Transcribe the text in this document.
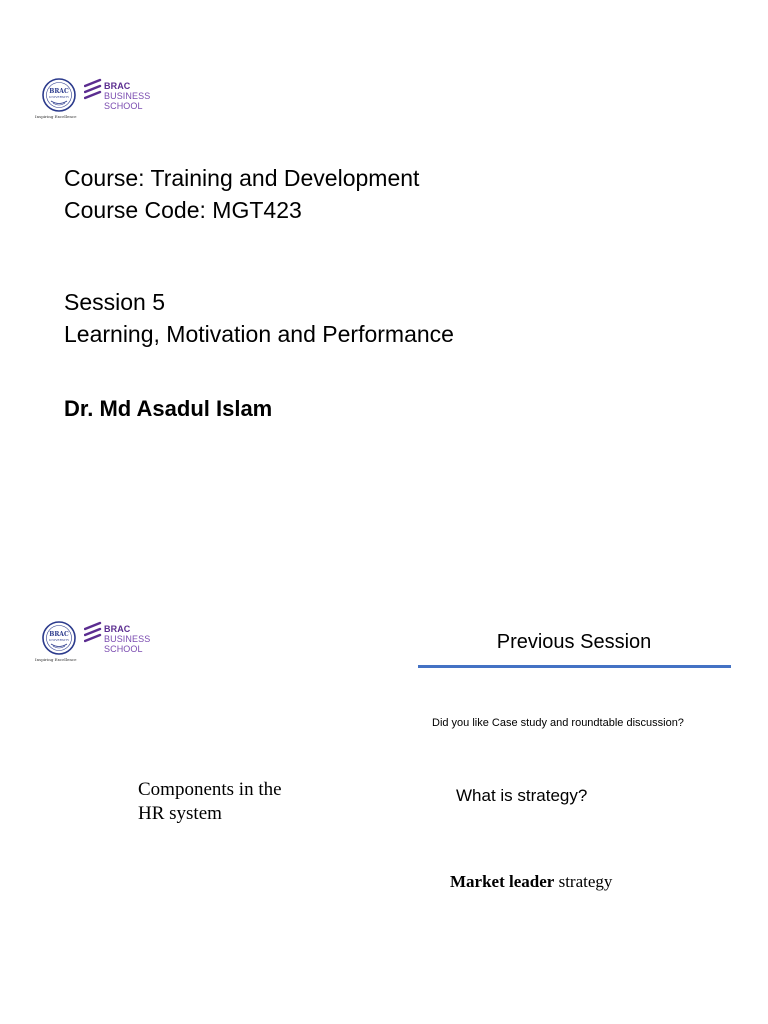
BRAC
UNIVERSITY
Inspiring Excellence
BRAC
BUSINESS
SCHOOL
Course: Training and Development
Course Code: MGT423
Session 5
Learning, Motivation and Performance
Dr. Md Asadul Islam
BRAC
UNIVERSITY
Inspiring Excellence
BRAC
BUSINESS
SCHOOL	Previous Session
Did you like Case study and roundtable discussion?
Components in the
HR system
What is strategy?
Market leader strategy
